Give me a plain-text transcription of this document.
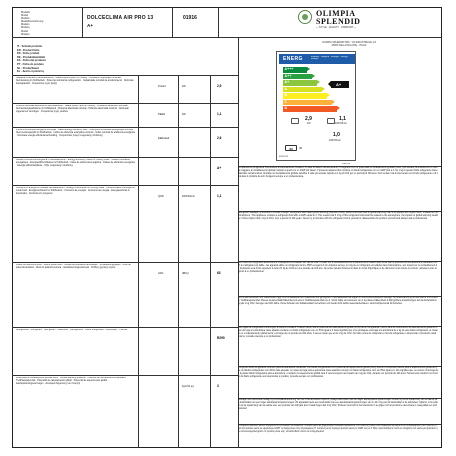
Modello
Model
Modèle
Modellbezeichnung
Modelo
Modelo
Model
Modelo
DOLCECLIMA AIR PRO 13
A+
01916	OLIMPIA
SPLENDID
— STYLE · QUALITY · COMFORT —
OLIMPIA SPLENDID SPA - VIA INDUSTRIALE 1/3
25060 CELLATICA (BS) - ITALIA
IT - Scheda prodotto
EN - Product fiche
FR - Fiche produit
DE - Produktdatenblatt
ES - Ficha del producto
PT - Ficha do produto
NL - Productkaart
EL - Δελτίο προϊόντος
ENERG	енергия · ενέργεια · energija · energy · energie
A+++
A++
A+
A
B
C
D
A+
2,9
kW
1,1
kWh/60min
63	dB
1,0
kWh/60min
626/2013
2020/18
Capacità nominale di raffreddamento · Rated output power for cooling · Puissance frigorifique nominale · Nennleistung im Kühlbetrieb · Potencia nominal de refrigeración · Capacidade nominal de arrefecimento · Nominale koelcapaciteit · Ονομαστική ισχύς ψύξης
Prated	kW	2,9
Potenza nominale assorbita in raffreddamento · Rated power input for cooling · Puissance absorbée nominale · Nennleistungsaufnahme im Kühlbetrieb · Potencia absorbida nominal · Potência absorvida nominal · Nominaal opgenomen vermogen · Ονομαστική ισχύς εισόδου
PEER	kW	1,1
Indice di efficienza energetica nominale · Rated energy efficiency ratio · Coefficient d'efficacité énergétique nominal · Nenn-Leistungszahl im Kühlbetrieb · Índice de eficiencia energética nominal · Índice nominal de eficiência energética · Nominale energie-efficiëntieverhouding · Ονομαστικός λόγος ενεργειακής απόδοσης
EERrated	2,6
Classe di efficienza energetica in raffreddamento · Energy Efficiency Class for cooling mode · Classe d'efficacité énergétique · Energieeffizienzklasse im Kühlbetrieb · Clase de eficiencia energética · Classe de eficiência energética · Energie-efficiëntieklasse · Τάξη ενεργειακής απόδοσης
A+
Consumo di energia in modalità raffreddamento · Energy consumption in cooling mode · Consommation d'énergie en mode froid · Energieverbrauch im Kühlbetrieb · Consumo de energía · Consumo de energia · Energieverbruik in koelmodus · Κατανάλωση ενέργειας
QSD	kWh/60min	1,1
Livello di potenza sonora · Sound power level · Niveau de puissance acoustique · Schallleistungspegel · Nivel de potencia acústica · Nível de potência sonora · Geluidsvermogensniveau · Στάθμη ηχητικής ισχύος
LWA	dB(A)	63
Refrigerante · Refrigerant · Réfrigérant · Kältemittel · Refrigerante · Fluido refrigerante · Koelmiddel · Ψυκτικό
R290
Potenziale di riscaldamento globale GWP · Global warming potential · Potentiel de réchauffement planétaire · Treibhauspotenzial · Potencial de calentamiento global · Potencial de aquecimento global · Aardopwarmingsvermogen · Δυναμικό θέρμανσης του πλανήτη
kgCO2 eq.	3
La quantità di refrigerante contribuisce al cambiamento climatico. In caso di rilascio nell'atmosfera, i refrigeranti con un potenziale di riscaldamento globale (GWP) più elevato contribuiscono in misura maggiore al riscaldamento globale rispetto a quelli con un GWP più basso. Il presente apparecchio contiene un fluido refrigerante con un GWP pari a 3. Se 1 kg di questo fluido refrigerante fosse rilasciato nell'atmosfera, l'impatto sul riscaldamento globale sarebbe 3 volte più elevato rispetto a 1 kg di CO2 per un periodo di 100 anni. Non tentare mai di intervenire sul circuito refrigerante o di smontare il prodotto da soli: rivolgersi sempre a un professionista.
Refrigerant leakage contributes to climate change. Refrigerant with lower global warming potential (GWP) would contribute less to global warming than a refrigerant with higher GWP, if leaked to the atmosphere. This appliance contains a refrigerant fluid with a GWP equal to 3. This means that if 1 kg of this refrigerant fluid would be leaked to the atmosphere, the impact on global warming would be 3 times higher than 1 kg of CO2, over a period of 100 years. Never try to interfere with the refrigerant circuit yourself or disassemble the product yourself and always ask a professional.
Les fuites de réfrigérants accentuent le changement climatique. En cas de fuite, l'impact sur le réchauffement de la planète sera d'autant plus limité que le potentiel de réchauffement planétaire (PRP) du réfrigérant est faible. Cet appareil utilise un réfrigérant dont le PRP est égal à 3. En d'autres termes, si 1 kg de ce réfrigérant est relâché dans l'atmosphère, son impact sur le réchauffement de la planète sera 3 fois supérieur à celui d'1 kg de CO2 sur une période de 100 ans. Ne tentez jamais d'intervenir dans le circuit frigorifique et de démonter vous-même le produit : adressez-vous toujours à un professionnel.
Durch das Austreten von Kältemitteln trägt zum Klimawandel bei. Kältemittel mit geringerem Treibhauspotenzial tragen im Fall eines Austretens weniger zur Erderwärmung bei als solche mit höherem Treibhauspotenzial. Dieses Gerät enthält Kältemittel mit einem Treibhauspotenzial von 3. Somit hätte ein Austreten von 1 kg dieses Kältemittels 3 Mal größere Auswirkungen auf die Erderwärmung als 1 kg CO2, bezogen auf 100 Jahre. Keine Arbeiten am Kältekreislauf vornehmen und Gerät nicht selbst auseinanderbauen, stets Fachpersonal hinzuziehen.
Las fugas de refrigerante contribuyen al cambio climático. Cuanto menor sea el potencial de calentamiento global (PCG) de un refrigerante, menor será su contribución al calentamiento global en caso de fuga a la atmósfera. Este aparato contiene un fluido refrigerante con un PCG igual a 3. Esto significa que si se produjese una fuga a la atmósfera de 1 kg de este fluido refrigerante, el impacto en el calentamiento global sería, a lo largo de un periodo de 100 años, 3 veces mayor que el de 1 kg de CO2. No trate nunca de manipular el circuito refrigerante o desmontar el producto usted mismo; consulte siempre a un profesional.
A fuga de fluido refrigerante contribui para as alterações climáticas. Os fluidos refrigerantes com potencial de aquecimento global (PAG) inferior contribuirão menos para o aquecimento global do que os fluidos refrigerantes com PAG mais elevado, em caso de fuga para a atmosfera. Este aparelho contém um fluido refrigerante com um PAG igual a 3. Isto significa que, se ocorrer uma fuga de 1 kg deste fluido refrigerante para a atmosfera, o impacto no aquecimento global será 3 vezes superior ao impacto de 1 kg de CO2, durante um período de 100 anos. Nunca tente interferir no circuito do fluido refrigerante nem desmontar o produto; consulte sempre um profissional.
Lekkage van koelmiddel draagt bij tot klimaatverandering. Als het in de atmosfeer vrijkomt, draagt koelmiddel met een lager aardopwarmingsvermogen minder bij tot de opwarming van de aarde dan koelmiddel met een hoger aardopwarmingsvermogen. Dit apparaat bevat een koelmiddel met een aardopwarmingsvermogen van 3. Als 1 kg van dit koelmiddel in de atmosfeer vrijkomt, is het effect op de opwarming van de aarde over een periode van 100 jaar dus 3 maal hoger dan 1 kg CO2. Probeer nooit zelf in het koelcircuit in te grijpen of het product te demonteren; vraag altijd een professional.
Η διαρροή ψυκτικού μέσου συμβάλλει στην αλλαγή του κλίματος. Ψυκτικό μέσο με χαμηλότερο δυναμικό θέρμανσης του πλανήτη (GWP) θα συμβάλλει λιγότερο στην υπερθέρμανση του πλανήτη από ένα ψυκτικό μέσο με υψηλότερο GWP, αν διαρρεύσει στην ατμόσφαιρα. Η συσκευή αυτή περιέχει ψυκτικό μέσο με GWP ίσο με 3. Μην προσπαθήσετε ποτέ να επέμβετε στο κύκλωμα ψυκτικού ή να αποσυναρμολογήσετε το προϊόν μόνοι σας, απευθυνθείτε πάντα σε επαγγελματία.
